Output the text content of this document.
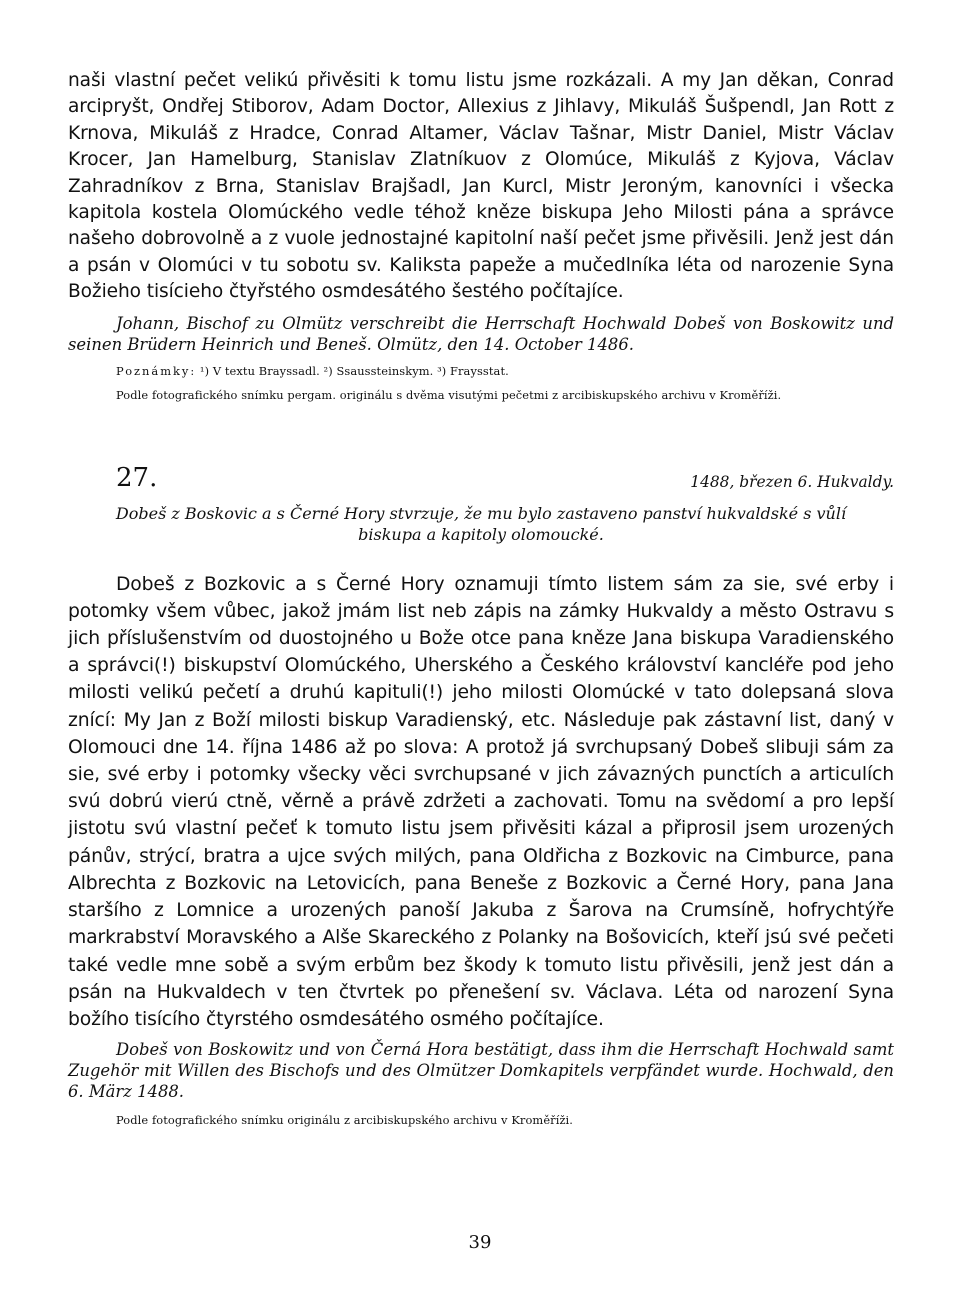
naši vlastní pečet velikú přivěsiti k tomu listu jsme rozkázali. A my Jan děkan, Conrad arcipryšt, Ondřej Stiborov, Adam Doctor, Allexius z Jihlavy, Mikuláš Šušpendl, Jan Rott z Krnova, Mikuláš z Hradce, Conrad Altamer, Václav Tašnar, Mistr Daniel, Mistr Václav Krocer, Jan Hamelburg, Stanislav Zlatníkuov z Olomúce, Mikuláš z Kyjova, Václav Zahradníkov z Brna, Stanislav Brajšadl, Jan Kurcl, Mistr Jeroným, kanovníci i všecka kapitola kostela Olomúckého vedle téhož kněze biskupa Jeho Milosti pána a správce našeho dobrovolně a z vuole jednostajné kapitolní naší pečet jsme přivěsili. Jenž jest dán a psán v Olomúci v tu sobotu sv. Kaliksta papeže a mučedlníka léta od narozenie Syna Božieho tisícieho čtyřstého osmdesátého šestého počítajíce.

Johann, Bischof zu Olmütz verschreibt die Herrschaft Hochwald Dobeš von Boskowitz und seinen Brüdern Heinrich und Beneš. Olmütz, den 14. October 1486.

Poznámky: ¹) V textu Brayssadl. ²) Ssaussteinskym. ³) Fraysstat.

Podle fotografického snímku pergam. originálu s dvěma visutými pečetmi z arcibiskupského archivu v Kroměříži.

27.	1488, březen 6. Hukvaldy.

Dobeš z Boskovic a s Černé Hory stvrzuje, že mu bylo zastaveno panství hukvaldské s vůlí biskupa a kapitoly olomoucké.

Dobeš z Bozkovic a s Černé Hory oznamuji tímto listem sám za sie, své erby i potomky všem vůbec, jakož jmám list neb zápis na zámky Hukvaldy a město Ostravu s jich příslušenstvím od duostojného u Bože otce pana kněze Jana biskupa Varadienského a správci(!) biskupství Olomúckého, Uherského a Českého království kancléře pod jeho milosti velikú pečetí a druhú kapituli(!) jeho milosti Olomúcké v tato dolepsaná slova znící: My Jan z Boží milosti biskup Varadienský, etc. Následuje pak zástavní list, daný v Olomouci dne 14. října 1486 až po slova: A protož já svrchupsaný Dobeš slibuji sám za sie, své erby i potomky všecky věci svrchupsané v jich závazných punctích a articulích svú dobrú vierú ctně, věrně a právě zdržeti a zachovati. Tomu na svědomí a pro lepší jistotu svú vlastní pečeť k tomuto listu jsem přivěsiti kázal a připrosil jsem urozených pánův, strýcí, bratra a ujce svých milých, pana Oldřicha z Bozkovic na Cimburce, pana Albrechta z Bozkovic na Letovicích, pana Beneše z Bozkovic a Černé Hory, pana Jana staršího z Lomnice a urozených panoší Jakuba z Šarova na Crumsíně, hofrychtýře markrabství Moravského a Alše Skareckého z Polanky na Bošovicích, kteří jsú své pečeti také vedle mne sobě a svým erbům bez škody k tomuto listu přivěsili, jenž jest dán a psán na Hukvaldech v ten čtvrtek po přenešení sv. Václava. Léta od narození Syna božího tisícího čtyrstého osmdesátého osmého počítajíce.

Dobeš von Boskowitz und von Černá Hora bestätigt, dass ihm die Herrschaft Hochwald samt Zugehör mit Willen des Bischofs und des Olmützer Domkapitels verpfändet wurde. Hochwald, den 6. März 1488.

Podle fotografického snímku originálu z arcibiskupského archivu v Kroměříži.

39
